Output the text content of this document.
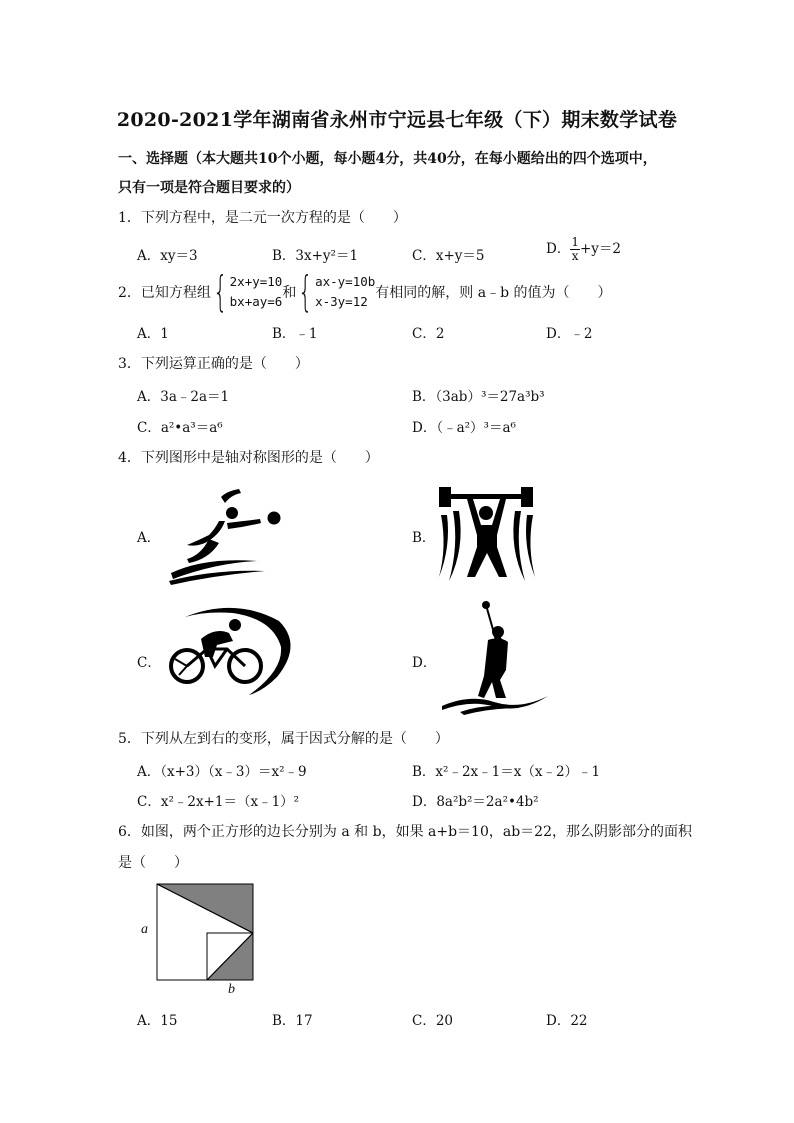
2020-2021学年湖南省永州市宁远县七年级（下）期末数学试卷
一、选择题（本大题共10个小题，每小题4分，共40分，在每小题给出的四个选项中，
只有一项是符合题目要求的）
1．下列方程中，是二元一次方程的是（　　）
A．xy＝3	B．3x+y²＝1	C．x+y＝5	D． $\frac{1}{x} +y=2$
2．已知方程组 { 2x+y=10
bx+ay=6
和 { ax-y=10b
x-3y=12
有相同的解，则 a﹣b 的值为（　　）
A．1	B．﹣1	C．2	D．﹣2
3．下列运算正确的是（　　）
A．3a﹣2a＝1	B．（3ab）³＝27a³b³
C．a²•a³＝a⁶	D．（﹣a²）³＝a⁶
4．下列图形中是轴对称图形的是（　　）
A．	B．
C．	D．
5．下列从左到右的变形，属于因式分解的是（　　）
A．（x+3）（x﹣3）＝x²﹣9	B．x²﹣2x﹣1＝x（x﹣2）﹣1
C．x²﹣2x+1＝（x﹣1）²	D．8a²b²＝2a²•4b²
6．如图，两个正方形的边长分别为 a 和 b，如果 a+b＝10，ab＝22，那么阴影部分的面积
是（　　）
a
b
A．15	B．17	C．20	D．22
